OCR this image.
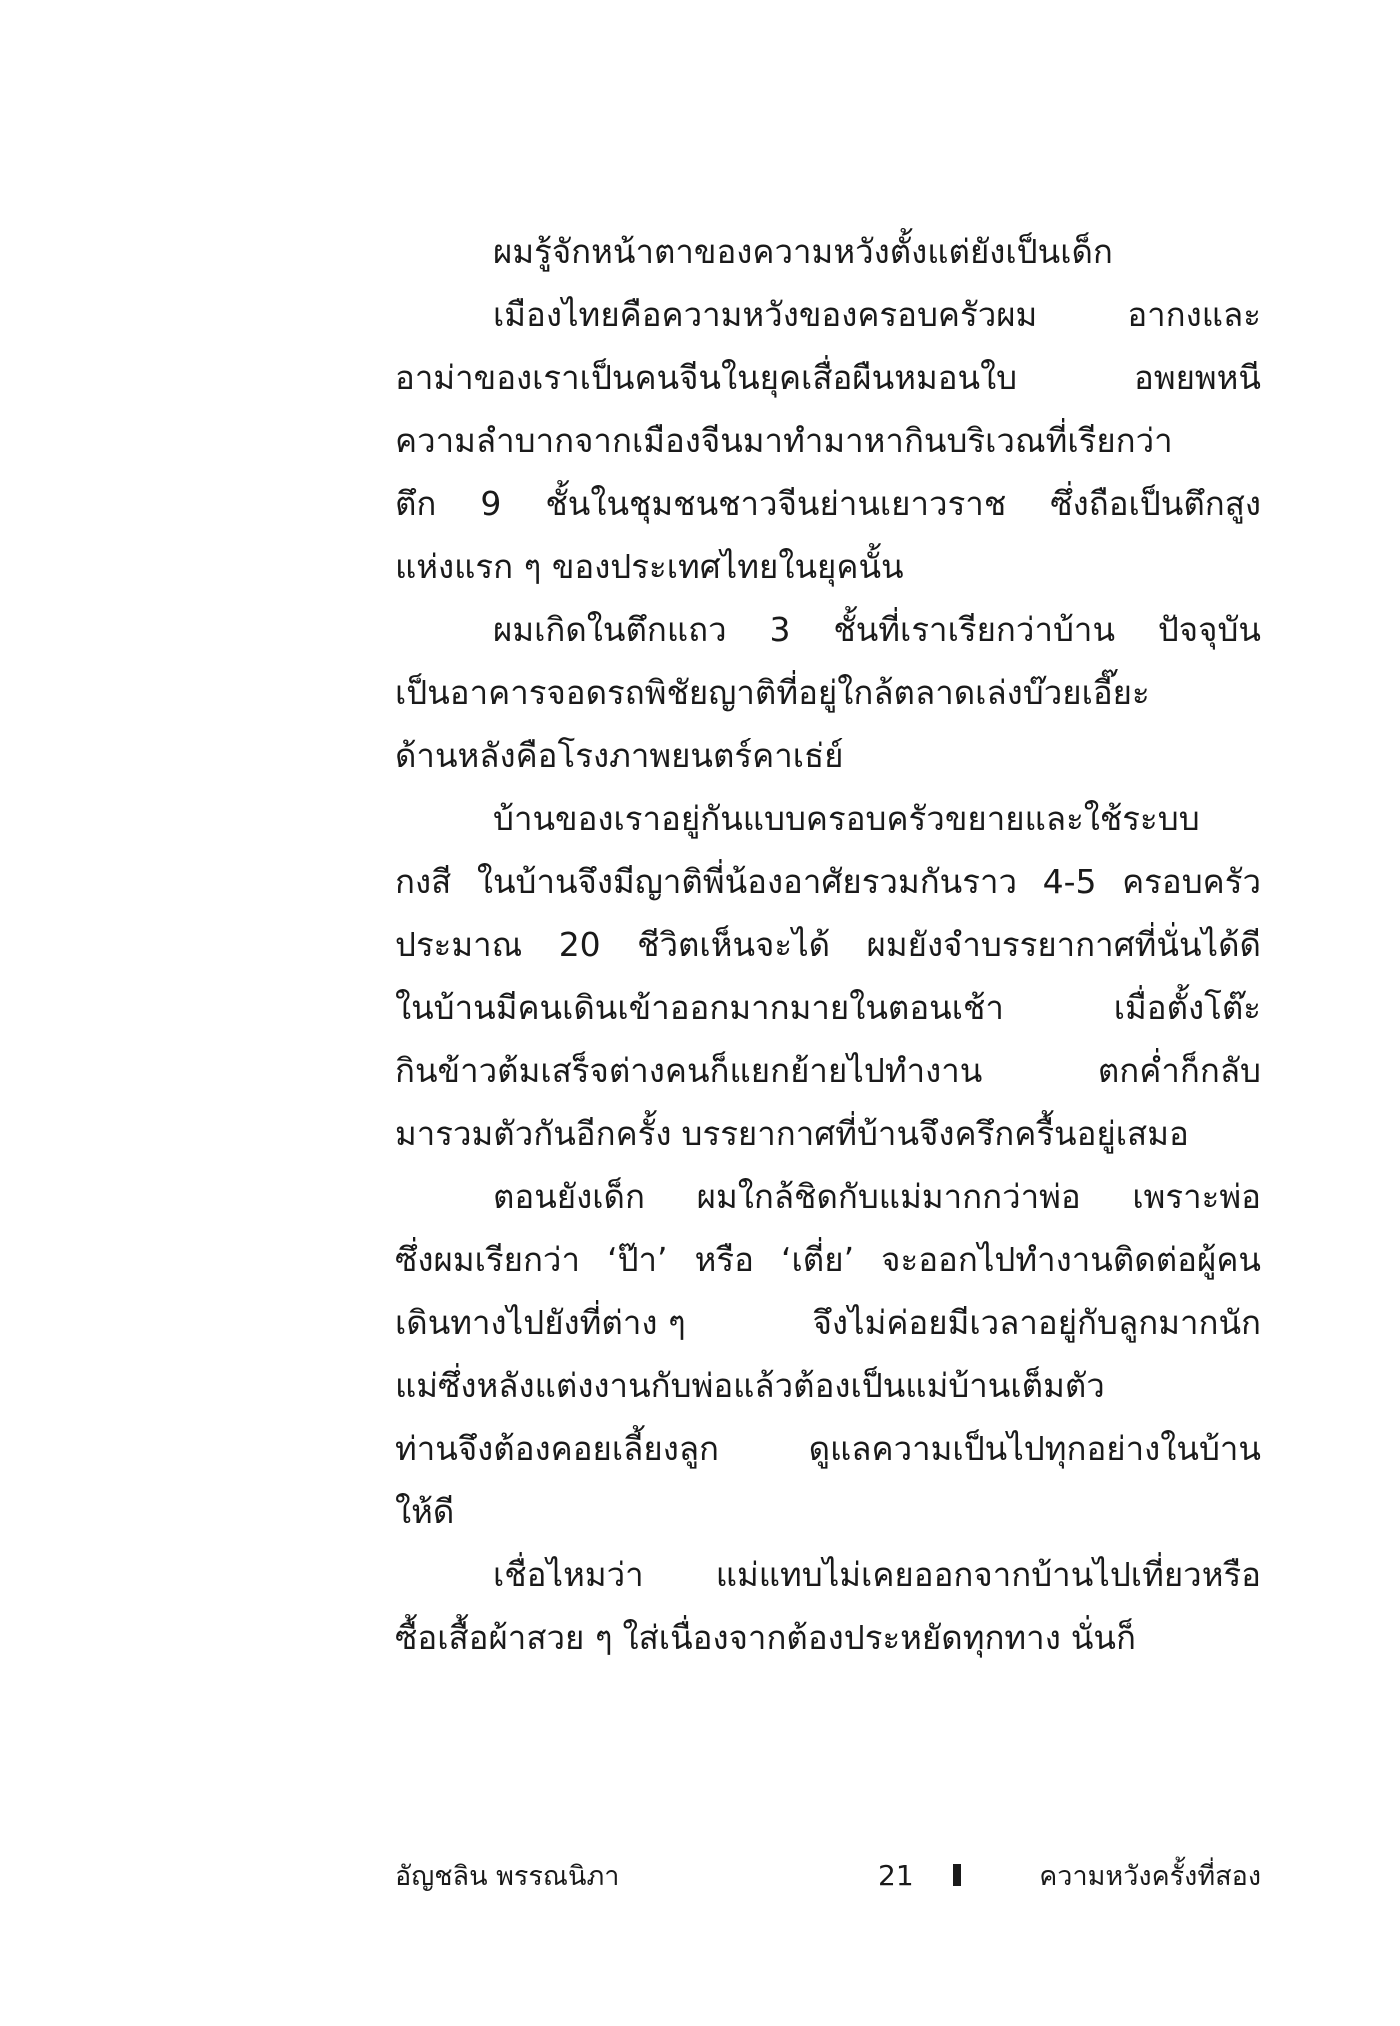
ผมรู้จักหน้าตาของความหวังตั้งแต่ยังเป็นเด็ก
เมืองไทยคือความหวังของครอบครัวผม	อากงและ
อาม่าของเราเป็นคนจีนในยุคเสื่อผืนหมอนใบ	อพยพหนี
ความลำบากจากเมืองจีนมาทำมาหากินบริเวณที่เรียกว่า
ตึก 9 ชั้นในชุมชนชาวจีนย่านเยาวราช ซึ่งถือเป็นตึกสูง
แห่งแรก ๆ ของประเทศไทยในยุคนั้น
ผมเกิดในตึกแถว 3 ชั้นที่เราเรียกว่าบ้าน ปัจจุบัน
เป็นอาคารจอดรถพิชัยญาติที่อยู่ใกล้ตลาดเล่งบ๊วยเอี๊ยะ
ด้านหลังคือโรงภาพยนตร์คาเธ่ย์
บ้านของเราอยู่กันแบบครอบครัวขยายและใช้ระบบ
กงสี ในบ้านจึงมีญาติพี่น้องอาศัยรวมกันราว 4-5 ครอบครัว
ประมาณ 20 ชีวิตเห็นจะได้ ผมยังจำบรรยากาศที่นั่นได้ดี
ในบ้านมีคนเดินเข้าออกมากมายในตอนเช้า	เมื่อตั้งโต๊ะ
กินข้าวต้มเสร็จต่างคนก็แยกย้ายไปทำงาน	ตกค่ำก็กลับ
มารวมตัวกันอีกครั้ง บรรยากาศที่บ้านจึงครึกครื้นอยู่เสมอ
ตอนยังเด็ก ผมใกล้ชิดกับแม่มากกว่าพ่อ เพราะพ่อ
ซึ่งผมเรียกว่า ‘ป๊า’ หรือ ‘เตี่ย’ จะออกไปทำงานติดต่อผู้คน
เดินทางไปยังที่ต่าง ๆ	จึงไม่ค่อยมีเวลาอยู่กับลูกมากนัก
แม่ซึ่งหลังแต่งงานกับพ่อแล้วต้องเป็นแม่บ้านเต็มตัว
ท่านจึงต้องคอยเลี้ยงลูก	ดูแลความเป็นไปทุกอย่างในบ้าน
ให้ดี
เชื่อไหมว่า แม่แทบไม่เคยออกจากบ้านไปเที่ยวหรือ
ซื้อเสื้อผ้าสวย ๆ ใส่เนื่องจากต้องประหยัดทุกทาง นั่นก็
อัญชลิน พรรณนิภา	21	ความหวังครั้งที่สอง
